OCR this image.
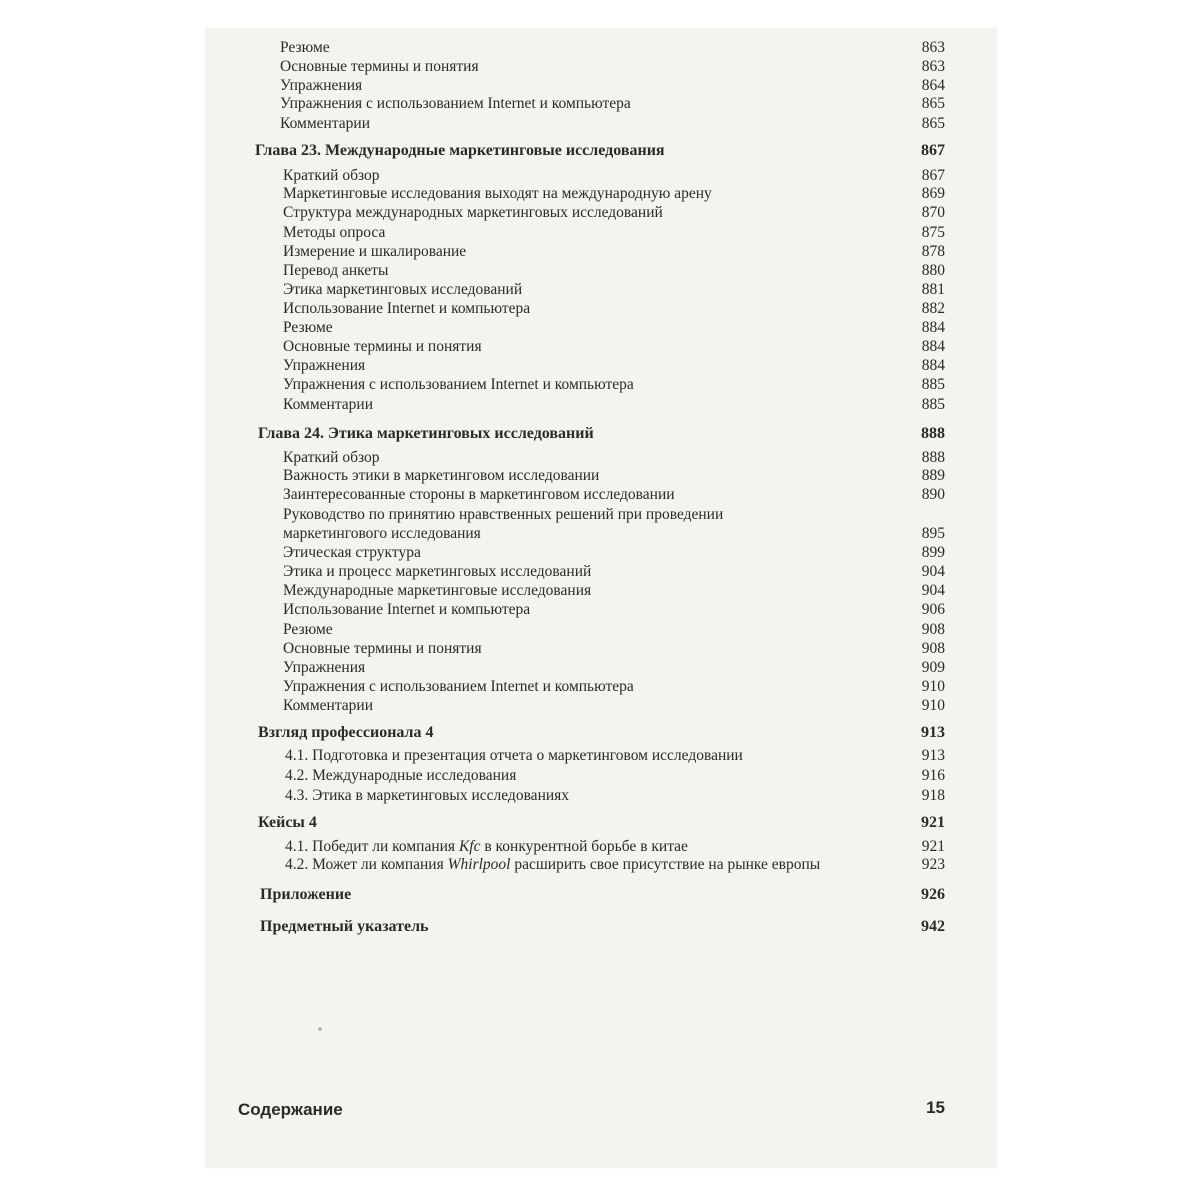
Резюме	863
Основные термины и понятия	863
Упражнения	864
Упражнения с использованием Internet и компьютера	865
Комментарии	865
Глава 23. Международные маркетинговые исследования	867
Краткий обзор	867
Маркетинговые исследования выходят на международную арену	869
Структура международных маркетинговых исследований	870
Методы опроса	875
Измерение и шкалирование	878
Перевод анкеты	880
Этика маркетинговых исследований	881
Использование Internet и компьютера	882
Резюме	884
Основные термины и понятия	884
Упражнения	884
Упражнения с использованием Internet и компьютера	885
Комментарии	885
Глава 24. Этика маркетинговых исследований	888
Краткий обзор	888
Важность этики в маркетинговом исследовании	889
Заинтересованные стороны в маркетинговом исследовании	890
Руководство по принятию нравственных решений при проведении
маркетингового исследования	895
Этическая структура	899
Этика и процесс маркетинговых исследований	904
Международные маркетинговые исследования	904
Использование Internet и компьютера	906
Резюме	908
Основные термины и понятия	908
Упражнения	909
Упражнения с использованием Internet и компьютера	910
Комментарии	910
Взгляд профессионала 4	913
4.1. Подготовка и презентация отчета о маркетинговом исследовании	913
4.2. Международные исследования	916
4.3. Этика в маркетинговых исследованиях	918
Кейсы 4	921
4.1. Победит ли компания Kfc в конкурентной борьбе в китае	921
4.2. Может ли компания Whirlpool расширить свое присутствие на рынке европы	923
Приложение	926
Предметный указатель	942
Содержание	15
